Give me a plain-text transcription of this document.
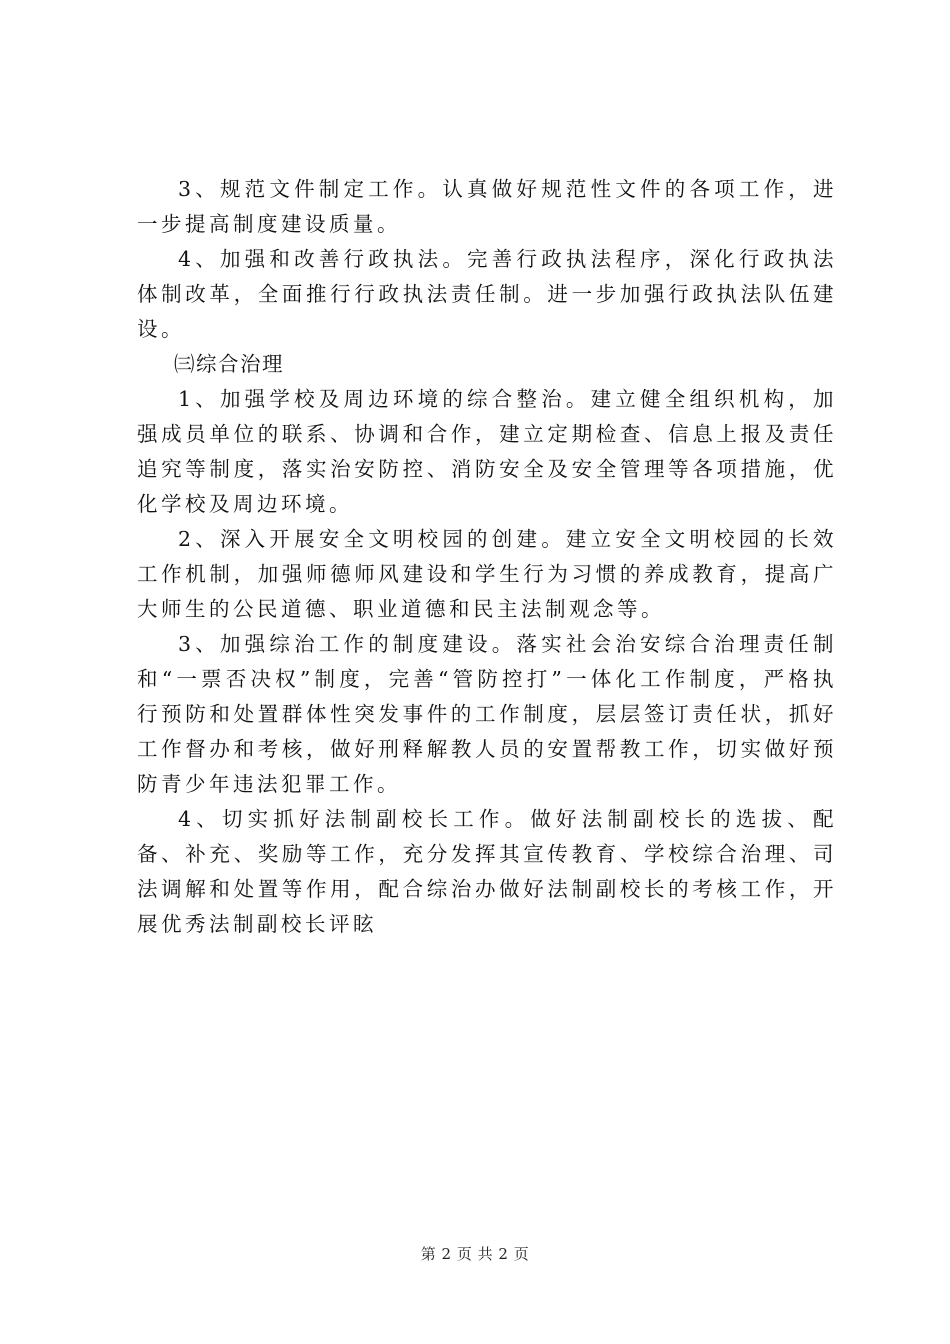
3、规范文件制定工作。认真做好规范性文件的各项工作，进一步提高制度建设质量。

4、加强和改善行政执法。完善行政执法程序，深化行政执法体制改革，全面推行行政执法责任制。进一步加强行政执法队伍建设。

㈢综合治理

1、加强学校及周边环境的综合整治。建立健全组织机构，加强成员单位的联系、协调和合作，建立定期检查、信息上报及责任追究等制度，落实治安防控、消防安全及安全管理等各项措施，优化学校及周边环境。

2、深入开展安全文明校园的创建。建立安全文明校园的长效工作机制，加强师德师风建设和学生行为习惯的养成教育，提高广大师生的公民道德、职业道德和民主法制观念等。

3、加强综治工作的制度建设。落实社会治安综合治理责任制和“一票否决权”制度，完善“管防控打”一体化工作制度，严格执行预防和处置群体性突发事件的工作制度，层层签订责任状，抓好工作督办和考核，做好刑释解教人员的安置帮教工作，切实做好预防青少年违法犯罪工作。

4、切实抓好法制副校长工作。做好法制副校长的选拔、配备、补充、奖励等工作，充分发挥其宣传教育、学校综合治理、司法调解和处置等作用，配合综治办做好法制副校长的考核工作，开展优秀法制副校长评眩

第 2 页 共 2 页
